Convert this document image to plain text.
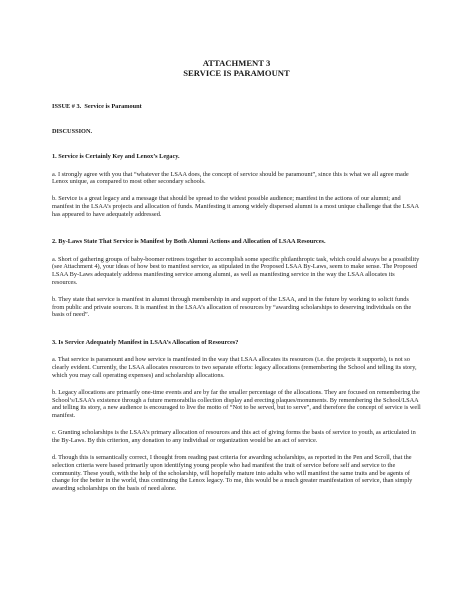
ATTACHMENT 3
SERVICE IS PARAMOUNT
ISSUE # 3.  Service is Paramount
DISCUSSION.
1. Service is Certainly Key and Lenox’s Legacy.

a. I strongly agree with you that “whatever the LSAA does, the concept of service should be paramount”, since this is what we all agree made Lenox unique, as compared to most other secondary schools.

b. Service is a great legacy and a message that should be spread to the widest possible audience; manifest in the actions of our alumni; and manifest in the LSAA’s projects and allocation of funds. Manifesting it among widely dispersed alumni is a most unique challenge that the LSAA has appeared to have adequately addressed.

2. By-Laws State That Service is Manifest by Both Alumni Actions and Allocation of LSAA Resources.

a. Short of gathering groups of baby-boomer retirees together to accomplish some specific philanthropic task, which could always be a possibility (see Attachment 4), your ideas of how best to manifest service, as stipulated in the Proposed LSAA By-Laws, seem to make sense. The Proposed LSAA By-Laws adequately address manifesting service among alumni, as well as manifesting service in the way the LSAA allocates its resources.

b. They state that service is manifest in alumni through membership in and support of the LSAA, and in the future by working to solicit funds from public and private sources. It is manifest in the LSAA’s allocation of resources by “awarding scholarships to deserving individuals on the basis of need”.

3. Is Service Adequately Manifest in LSAA’s Allocation of Resources?

a. That service is paramount and how service is manifested in the way that LSAA allocates its resources (i.e. the projects it supports), is not so clearly evident. Currently, the LSAA allocates resources to two separate efforts: legacy allocations (remembering the School and telling its story, which you may call operating expenses) and scholarship allocations.

b. Legacy allocations are primarily one-time events and are by far the smaller percentage of the allocations. They are focused on remembering the School’s/LSAA’s existence through a future memorabilia collection display and erecting plaques/monuments. By remembering the School/LSAA and telling its story, a new audience is encouraged to live the motto of “Not to be served, but to serve”, and therefore the concept of service is well manifest.

c. Granting scholarships is the LSAA’s primary allocation of resources and this act of giving forms the basis of service to youth, as articulated in the By-Laws. By this criterion, any donation to any individual or organization would be an act of service.

d. Though this is semantically correct, I thought from reading past criteria for awarding scholarships, as reported in the Pen and Scroll, that the selection criteria were based primarily upon identifying young people who had manifest the trait of service before self and service to the community. These youth, with the help of the scholarship, will hopefully mature into adults who will manifest the same traits and be agents of change for the better in the world, thus continuing the Lenox legacy. To me, this would be a much greater manifestation of service, than simply awarding scholarships on the basis of need alone.
